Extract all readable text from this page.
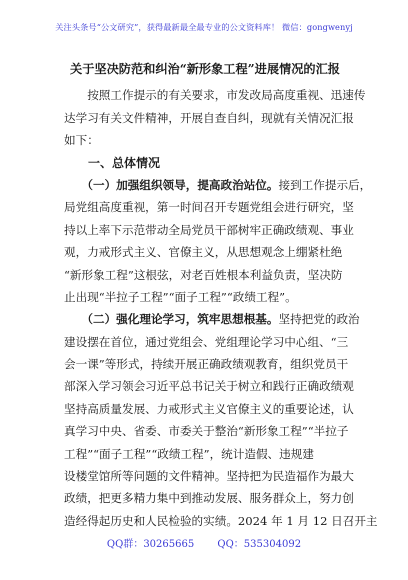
关注头条号“公文研究”，获得最新最全最专业的公文资料库！ 微信：gongwenyj
关于坚决防范和纠治“新形象工程”进展情况的汇报
　　按照工作提示的有关要求，市发改局高度重视、迅速传
达学习有关文件精神，开展自查自纠，现就有关情况汇报
如下：
　　一、总体情况
　　（一）加强组织领导，提高政治站位。接到工作提示后，
局党组高度重视，第一时间召开专题党组会进行研究，坚
持以上率下示范带动全局党员干部树牢正确政绩观、事业
观，力戒形式主义、官僚主义，从思想观念上绷紧杜绝
“新形象工程”这根弦，对老百姓根本利益负责，坚决防
止出现“半拉子工程”“面子工程”“政绩工程”。
　　（二）强化理论学习，筑牢思想根基。坚持把党的政治
建设摆在首位，通过党组会、党组理论学习中心组、“三
会一课”等形式，持续开展正确政绩观教育，组织党员干
部深入学习领会习近平总书记关于树立和践行正确政绩观
坚持高质量发展、力戒形式主义官僚主义的重要论述，认
真学习中央、省委、市委关于整治“新形象工程”“半拉子
工程”“面子工程”“政绩工程”，统计造假、违规建
设楼堂馆所等问题的文件精神。坚持把为民造福作为最大
政绩，把更多精力集中到推动发展、服务群众上，努力创
造经得起历史和人民检验的实绩。2024 年 1 月 12 日召开主
QQ群：30265665 QQ：535304092
